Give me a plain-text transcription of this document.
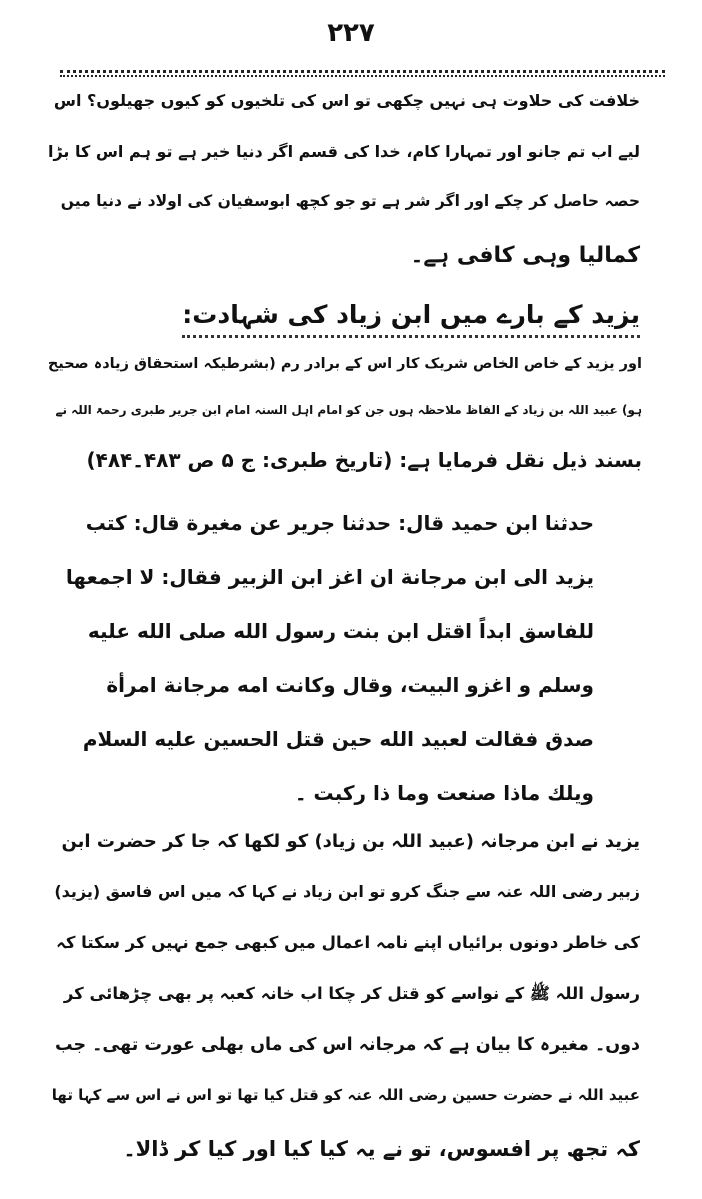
۲۲۷
خلافت کی حلاوت ہی نہیں چکھی تو اس کی تلخیوں کو کیوں جھیلوں؟ اس
لیے اب تم جانو اور تمہارا کام، خدا کی قسم اگر دنیا خیر ہے تو ہم اس کا بڑا
حصہ حاصل کر چکے اور اگر شر ہے تو جو کچھ ابوسفیان کی اولاد نے دنیا میں
کمالیا وہی کافی ہے۔
یزید کے بارے میں ابن زیاد کی شہادت:
اور یزید کے خاص الخاص شریک کار اس کے برادر رم (بشرطیکہ استحقاق زیادہ صحیح
ہو) عبید اللہ بن زیاد کے الفاظ ملاحظہ ہوں جن کو امام اہل السنہ امام ابن جریر طبری رحمۃ اللہ نے
بسند ذیل نقل فرمایا ہے: (تاریخ طبری: ج ۵ ص ۴۸۳۔۴۸۴)
حدثنا ابن حميد قال: حدثنا جرير عن مغيرة قال: كتب
يزيد الى ابن مرجانة ان اغز ابن الزبير فقال: لا اجمعها
للفاسق ابداً اقتل ابن بنت رسول الله صلى الله عليه
وسلم و اغزو البيت، وقال وكانت امه مرجانة امرأة
صدق فقالت لعبيد الله حين قتل الحسين عليه السلام
ويلك ماذا صنعت وما ذا ركبت ۔
یزید نے ابن مرجانہ (عبید اللہ بن زیاد) کو لکھا کہ جا کر حضرت ابن
زبیر رضی اللہ عنہ سے جنگ کرو تو ابن زیاد نے کہا کہ میں اس فاسق (یزید)
کی خاطر دونوں برائیاں اپنے نامہ اعمال میں کبھی جمع نہیں کر سکتا کہ
رسول اللہ ﷺ کے نواسے کو قتل کر چکا اب خانہ کعبہ پر بھی چڑھائی کر
دوں۔ مغیرہ کا بیان ہے کہ مرجانہ اس کی ماں بھلی عورت تھی۔ جب
عبید اللہ نے حضرت حسین رضی اللہ عنہ کو قتل کیا تھا تو اس نے اس سے کہا تھا
کہ تجھ پر افسوس، تو نے یہ کیا کیا اور کیا کر ڈالا۔
